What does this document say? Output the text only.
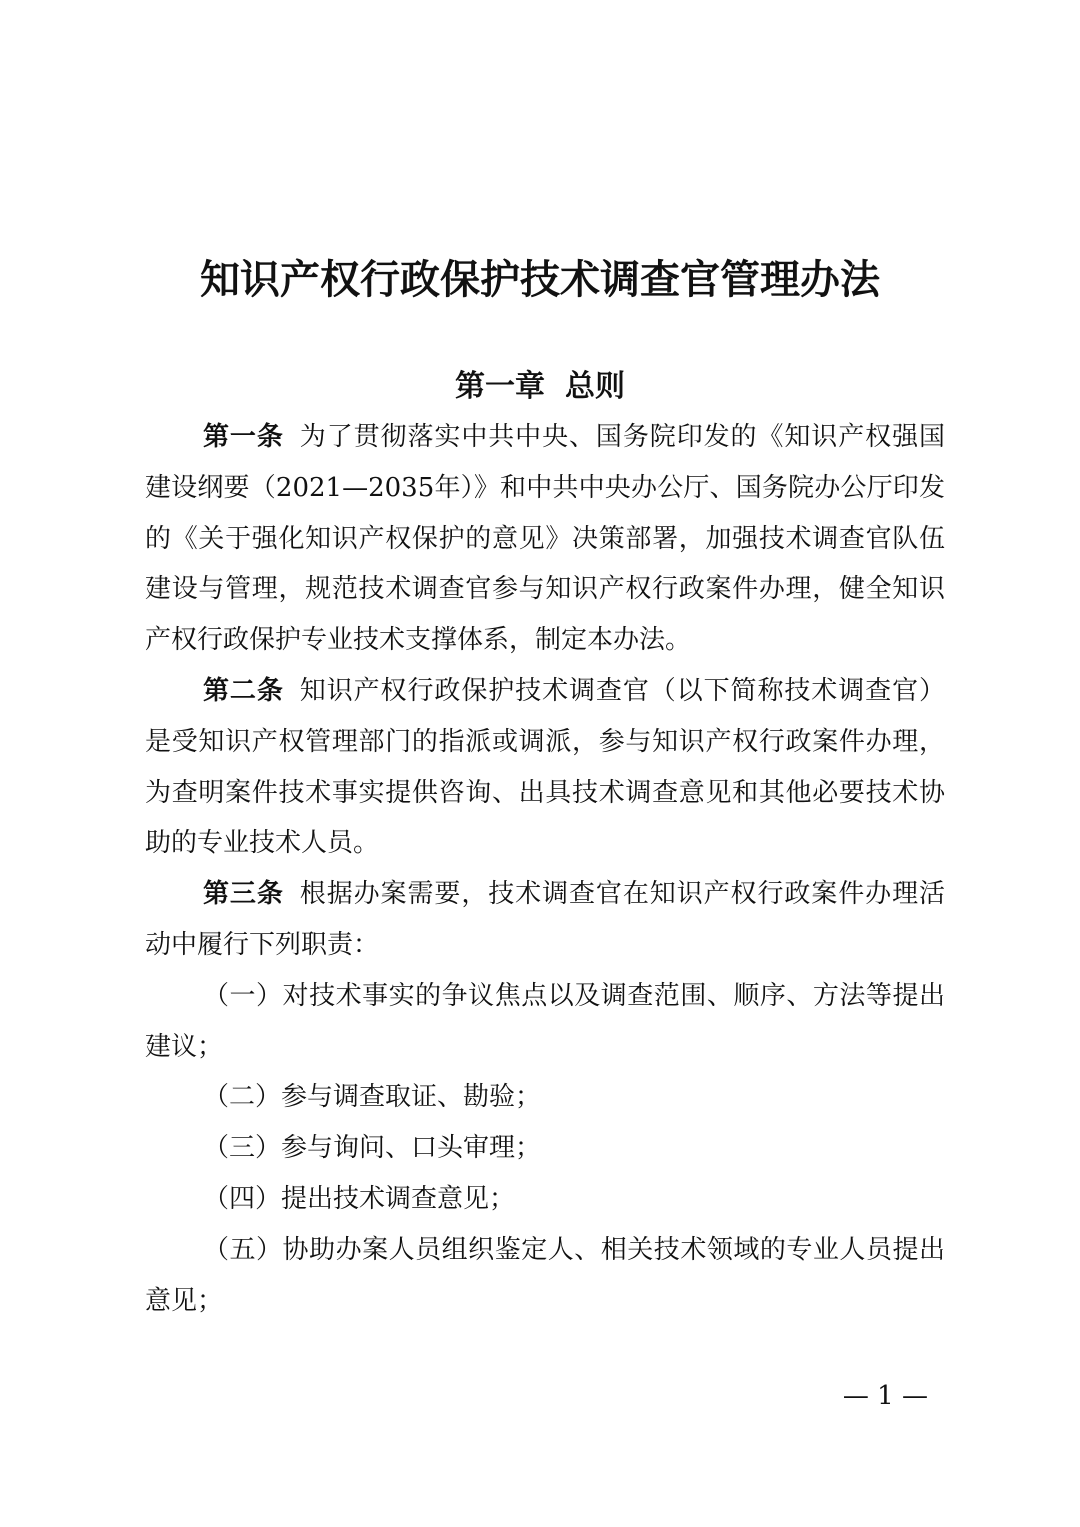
知识产权行政保护技术调查官管理办法
第一章 总则

第一条 为了贯彻落实中共中央、国务院印发的《知识产权强国建设纲要（2021—2035年）》和中共中央办公厅、国务院办公厅印发的《关于强化知识产权保护的意见》决策部署，加强技术调查官队伍建设与管理，规范技术调查官参与知识产权行政案件办理，健全知识产权行政保护专业技术支撑体系，制定本办法。

第二条 知识产权行政保护技术调查官（以下简称技术调查官）是受知识产权管理部门的指派或调派，参与知识产权行政案件办理，为查明案件技术事实提供咨询、出具技术调查意见和其他必要技术协助的专业技术人员。

第三条 根据办案需要，技术调查官在知识产权行政案件办理活动中履行下列职责：

（一）对技术事实的争议焦点以及调查范围、顺序、方法等提出建议；

（二）参与调查取证、勘验；

（三）参与询问、口头审理；

（四）提出技术调查意见；

（五）协助办案人员组织鉴定人、相关技术领域的专业人员提出意见；

— 1 —
